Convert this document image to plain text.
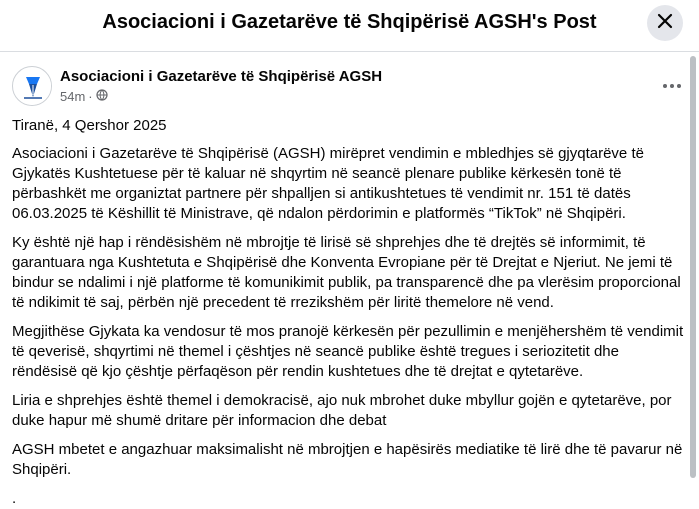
Asociacioni i Gazetarëve të Shqipërisë AGSH's Post
Asociacioni i Gazetarëve të Shqipërisë AGSH
54m ·

Tiranë, 4 Qershor 2025

Asociacioni i Gazetarëve të Shqipërisë (AGSH) mirëpret vendimin e mbledhjes së gjyqtarëve të Gjykatës Kushtetuese për të kaluar në shqyrtim në seancë plenare publike kërkesën tonë të përbashkët me organiztat partnere për shpalljen si antikushtetues të vendimit nr. 151 të datës 06.03.2025 të Këshillit të Ministrave, që ndalon përdorimin e platformës “TikTok” në Shqipëri.

Ky është një hap i rëndësishëm në mbrojtje të lirisë së shprehjes dhe të drejtës së informimit, të garantuara nga Kushtetuta e Shqipërisë dhe Konventa Evropiane për të Drejtat e Njeriut. Ne jemi të bindur se ndalimi i një platforme të komunikimit publik, pa transparencë dhe pa vlerësim proporcional të ndikimit të saj, përbën një precedent të rrezikshëm për liritë themelore në vend.

Megjithëse Gjykata ka vendosur të mos pranojë kërkesën për pezullimin e menjëhershëm të vendimit të qeverisë, shqyrtimi në themel i çështjes në seancë publike është tregues i seriozitetit dhe rëndësisë që kjo çështje përfaqëson për rendin kushtetues dhe të drejtat e qytetarëve.

Liria e shprehjes është themel i demokracisë, ajo nuk mbrohet duke mbyllur gojën e qytetarëve, por duke hapur më shumë dritare për informacion dhe debat

AGSH mbetet e angazhuar maksimalisht në mbrojtjen e hapësirës mediatike të lirë dhe të pavarur në Shqipëri.

.
